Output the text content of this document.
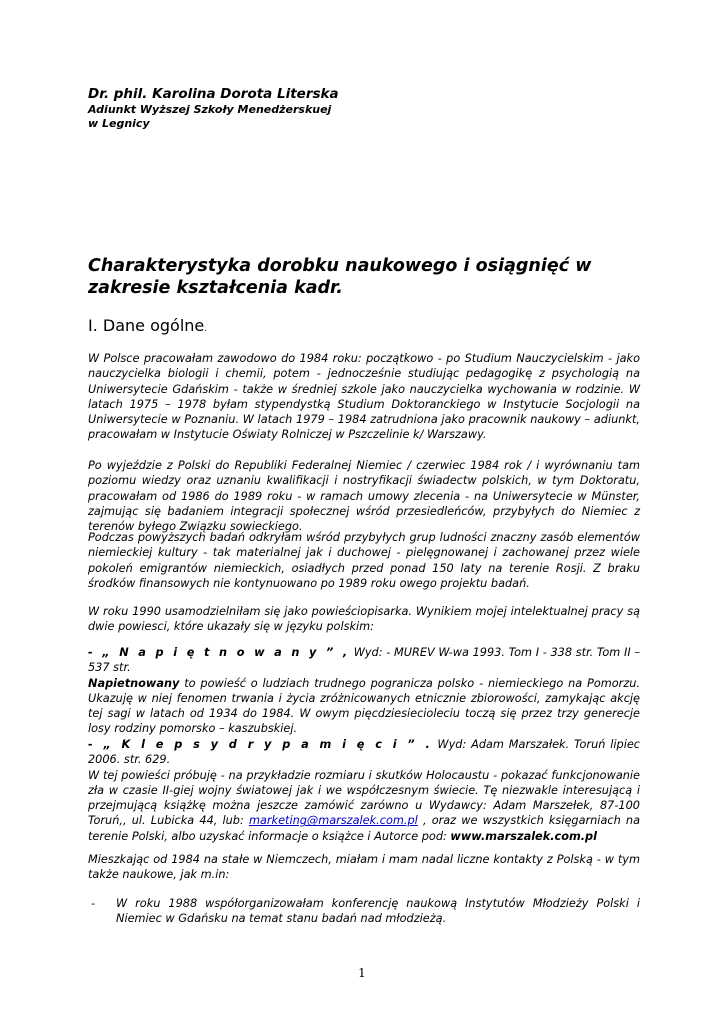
Dr. phil. Karolina Dorota Literska
Adiunkt Wyższej Szkoły Menedżerskuej
w Legnicy
Charakterystyka dorobku naukowego i osiągnięć w zakresie kształcenia kadr.
I. Dane ogólne.

W Polsce pracowałam zawodowo do 1984 roku: początkowo - po Studium Nauczycielskim - jako nauczycielka biologii i chemii, potem - jednocześnie studiując pedagogikę z psychologią na Uniwersytecie Gdańskim - także w średniej szkole jako nauczycielka wychowania w rodzinie. W latach 1975 – 1978 byłam stypendystką Studium Doktoranckiego w Instytucie Socjologii na Uniwersytecie w Poznaniu. W latach 1979 – 1984 zatrudniona jako pracownik naukowy – adiunkt, pracowałam w Instytucie Oświaty Rolniczej w Pszczelinie k/ Warszawy.

Po wyjeździe z Polski do Republiki Federalnej Niemiec / czerwiec 1984 rok / i wyrównaniu tam poziomu wiedzy oraz uznaniu kwalifikacji i nostryfikacji świadectw polskich, w tym Doktoratu, pracowałam od 1986 do 1989 roku - w ramach umowy zlecenia - na Uniwersytecie w Münster, zajmując się badaniem integracji społecznej wśród przesiedleńców, przybyłych do Niemiec z terenów byłego Związku sowieckiego.

Podczas powyższych badań odkryłam wśród przybyłych grup ludności znaczny zasób elementów niemieckiej kultury - tak materialnej jak i duchowej - pielęgnowanej i zachowanej przez wiele pokoleń emigrantów niemieckich, osiadłych przed ponad 150 laty na terenie Rosji. Z braku środków finansowych nie kontynuowano po 1989 roku owego projektu badań.

W roku 1990 usamodzielniłam się jako powieściopisarka. Wynikiem mojej intelektualnej pracy są dwie powiesci, które ukazały się w języku polskim:

- „ N a p i ę t n o w a n y ” , Wyd: - MUREV W-wa 1993. Tom I - 338 str. Tom II – 537 str.
Napietnowany to powieść o ludziach trudnego pogranicza polsko - niemieckiego na Pomorzu. Ukazuję w niej fenomen trwania i życia zróżnicowanych etnicznie zbiorowości, zamykając akcję tej sagi w latach od 1934 do 1984. W owym pięcdziesiecioleciu toczą się przez trzy generecje losy rodziny pomorsko – kaszubskiej.

- „ K l e p s y d r y p a m i ę c i ” . Wyd: Adam Marszałek. Toruń lipiec 2006. str. 629.
W tej powieści próbuję - na przykładzie rozmiaru i skutków Holocaustu - pokazać funkcjonowanie zła w czasie II-giej wojny światowej jak i we współczesnym świecie. Tę niezwakle interesującą i przejmującą książkę można jeszcze zamówić zarówno u Wydawcy: Adam Marszełek, 87-100 Toruń,, ul. Lubicka 44, lub: marketing@marszalek.com.pl , oraz we wszystkich księgarniach na terenie Polski, albo uzyskać informacje o książce i Autorce pod: www.marszalek.com.pl

Mieszkając od 1984 na stałe w Niemczech, miałam i mam nadal liczne kontakty z Polską - w tym także naukowe, jak m.in:

- W roku 1988 współorganizowałam konferencję naukową Instytutów Młodzieży Polski i Niemiec w Gdańsku na temat stanu badań nad młodzieżą.

1
